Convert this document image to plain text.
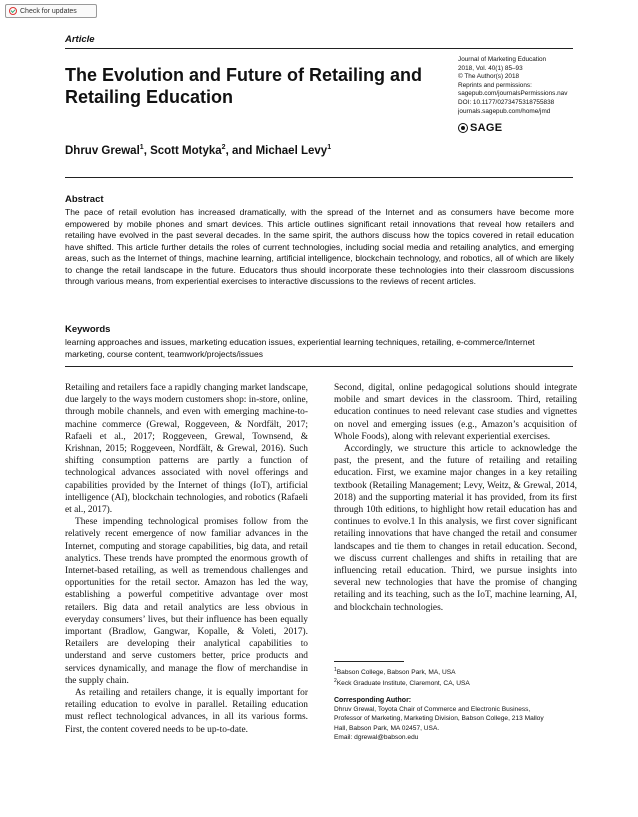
Check for updates
Article
The Evolution and Future of Retailing and Retailing Education
Journal of Marketing Education
2018, Vol. 40(1) 85–93
© The Author(s) 2018
Reprints and permissions:
sagepub.com/journalsPermissions.nav
DOI: 10.1177/0273475318755838
journals.sagepub.com/home/jmd
SAGE
Dhruv Grewal$^1$, Scott Motyka$^2$, and Michael Levy$^1$
Abstract

The pace of retail evolution has increased dramatically, with the spread of the Internet and as consumers have become more empowered by mobile phones and smart devices. This article outlines significant retail innovations that reveal how retailers and retailing have evolved in the past several decades. In the same spirit, the authors discuss how the topics covered in retail education have shifted. This article further details the roles of current technologies, including social media and retailing analytics, and emerging areas, such as the Internet of things, machine learning, artificial intelligence, blockchain technology, and robotics, all of which are likely to change the retail landscape in the future. Educators thus should incorporate these technologies into their classroom discussions through various means, from experiential exercises to interactive discussions to the reviews of recent articles.

Keywords

learning approaches and issues, marketing education issues, experiential learning techniques, retailing, e-commerce/Internet marketing, course content, teamwork/projects/issues

Retailing and retailers face a rapidly changing market landscape, due largely to the ways modern customers shop: in-store, online, through mobile channels, and even with emerging machine-to-machine commerce (Grewal, Roggeveen, & Nordfält, 2017; Rafaeli et al., 2017; Roggeveen, Grewal, Townsend, & Krishnan, 2015; Roggeveen, Nordfält, & Grewal, 2016). Such shifting consumption patterns are partly a function of technological advances associated with novel offerings and capabilities provided by the Internet of things (IoT), artificial intelligence (AI), blockchain technologies, and robotics (Rafaeli et al., 2017).

These impending technological promises follow from the relatively recent emergence of now familiar advances in the Internet, computing and storage capabilities, big data, and retail analytics. These trends have prompted the enormous growth of Internet-based retailing, as well as tremendous challenges and opportunities for the retail sector. Amazon has led the way, establishing a powerful competitive advantage over most retailers. Big data and retail analytics are less obvious in everyday consumers’ lives, but their influence has been equally important (Bradlow, Gangwar, Kopalle, & Voleti, 2017). Retailers are developing their analytical capabilities to understand and serve customers better, price products and services dynamically, and manage the flow of merchandise in the supply chain.

As retailing and retailers change, it is equally important for retailing education to evolve in parallel. Retailing education must reflect technological advances, in all its various forms. First, the content covered needs to be up-to-date.

Second, digital, online pedagogical solutions should integrate mobile and smart devices in the classroom. Third, retailing education continues to need relevant case studies and vignettes on novel and emerging issues (e.g., Amazon’s acquisition of Whole Foods), along with relevant experiential exercises.

Accordingly, we structure this article to acknowledge the past, the present, and the future of retailing and retailing education. First, we examine major changes in a key retailing textbook (Retailing Management; Levy, Weitz, & Grewal, 2014, 2018) and the supporting material it has provided, from its first through 10th editions, to highlight how retail education has and continues to evolve.1 In this analysis, we first cover significant retailing innovations that have changed the retail and consumer landscapes and tie them to changes in retail education. Second, we discuss current challenges and shifts in retailing that are influencing retail education. Third, we pursue insights into several new technologies that have the promise of changing retailing and its teaching, such as the IoT, machine learning, AI, and blockchain technologies.

$^1$Babson College, Babson Park, MA, USA
$^2$Keck Graduate Institute, Claremont, CA, USA
Corresponding Author:
Dhruv Grewal, Toyota Chair of Commerce and Electronic Business,
Professor of Marketing, Marketing Division, Babson College, 213 Malloy
Hall, Babson Park, MA 02457, USA.
Email: dgrewal@babson.edu
